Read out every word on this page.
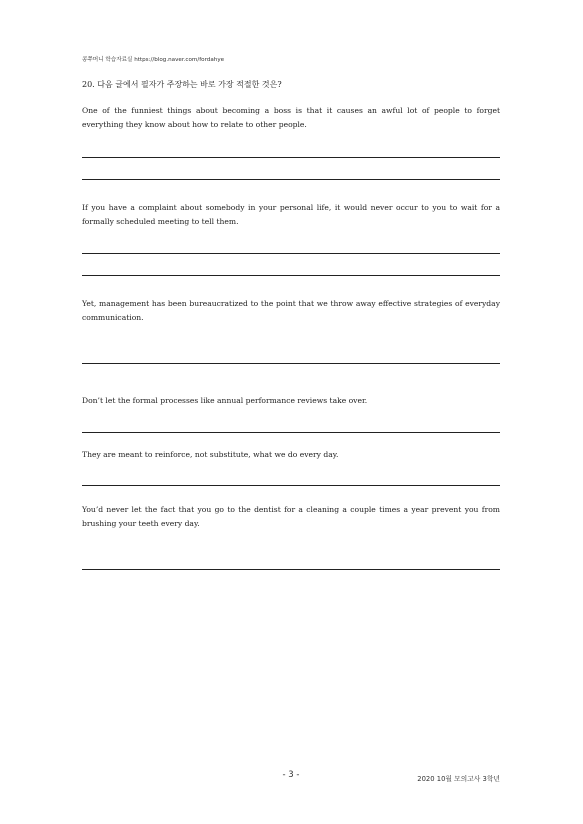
콩쭈머니 학습자료실 https://blog.naver.com/fordahye
20. 다음 글에서 필자가 주장하는 바로 가장 적절한 것은?
One of the funniest things about becoming a boss is that it causes an awful lot of people to forget everything they know about how to relate to other people.
If you have a complaint about somebody in your personal life, it would never occur to you to wait for a formally scheduled meeting to tell them.
Yet, management has been bureaucratized to the point that we throw away effective strategies of everyday communication.
Don’t let the formal processes like annual performance reviews take over.
They are meant to reinforce, not substitute, what we do every day.
You’d never let the fact that you go to the dentist for a cleaning a couple times a year prevent you from brushing your teeth every day.
- 3 -	2020 10월 모의고사 3학년
